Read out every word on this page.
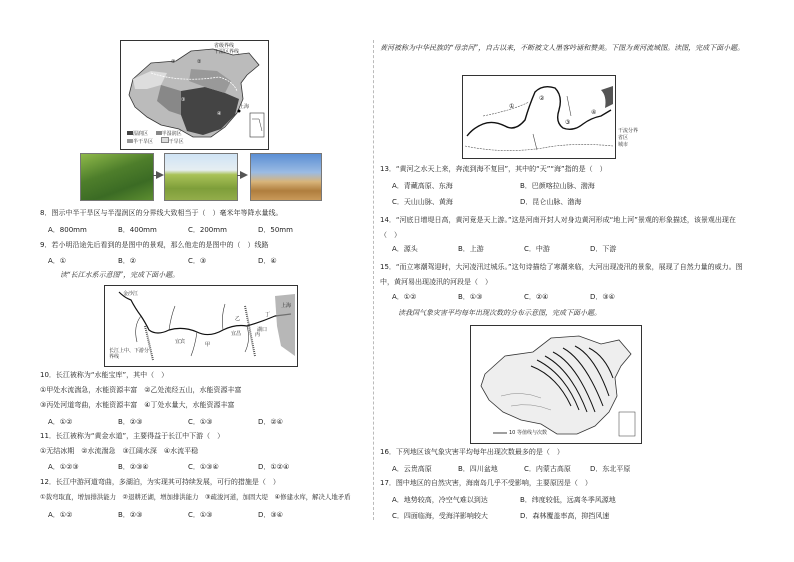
①	②
③
④
上海
省级界线
干湿区界线
湿润区	半湿润区
半干旱区	干旱区
8．图示中半干旱区与半湿润区的分界线大致相当于（　）毫米年等降水量线。
A．800mm	B．400mm	C．200mm	D．50mm
9．若小明沿途先后看到的是图中的景观，那么他走的是图中的（　）线路
A．①	B．②	C．③	D．④
读“长江水系示意图”，完成下面小题。
甲
乙
丙
丁
金沙江
宜宾
宜昌
湖口
上海
长江上中、下游分界线
10．长江被称为“水能宝库”，其中（　）
①甲处水流湍急，水能资源丰富　②乙处流经五山，水能资源丰富
③丙处河道弯曲，水能资源丰富　④丁处水量大，水能资源丰富
A．①②	B．②③	C．①③	D．②④
11．长江被称为“黄金水道”，主要得益于长江中下游（　）
①无结冰期　②水流湍急　③江阔水深　④水流平稳
A．①②③	B．②③④	C．①③④	D．①②④
12．长江中游河道弯曲，多湖泊，为实现其可持续发展，可行的措施是（　）
①裁弯取直，增加排洪能力　②退耕还湖，增加排洪能力　③疏浚河道，加固大堤　④修建水库，解决人地矛盾
A．①②	B．②③	C．①③	D．③④
黄河被称为中华民族的“母亲河”，自古以来，不断被文人墨客吟诵和赞美。下图为黄河流域图。读图，完成下面小题。
①
②
③
④
干流分界
省区
城市
13．“黄河之水天上来，奔流到海不复回”，其中的“天”“海”指的是（　）
A．青藏高原、东海	B．巴颜喀拉山脉、渤海
C．天山山脉、黄海	D．昆仑山脉、渤海
14．“河底日增堤日高，黄河竟是天上游。”这是河南开封人对身边黄河形成“地上河”景观的形象描述，该景观出现在（　）
A．源头	B．上游	C．中游	D．下游
15．“而立寒潮驾迎时，大河凌汛过城乐。”这句诗描绘了寒潮来临，大河出现凌汛的景象，展现了自然力量的威力。图中，黄河易出现凌汛的河段是（　）
A．①②	B．①③	C．②④	D．③④
读我国气象灾害平均每年出现次数的分布示意图，完成下面小题。
10 等值线与次数
16．下列地区该气象灾害平均每年出现次数最多的是（　）
A．云贵高原	B．四川盆地	C．内蒙古高原	D．东北平原
17．图中地区的自然灾害，海南岛几乎不受影响，主要原因是（　）
A．地势较高，冷空气难以到达	B．纬度较低，远离冬季风源地
C．四面临海，受海洋影响较大	D．森林覆盖率高，抑挡风速
